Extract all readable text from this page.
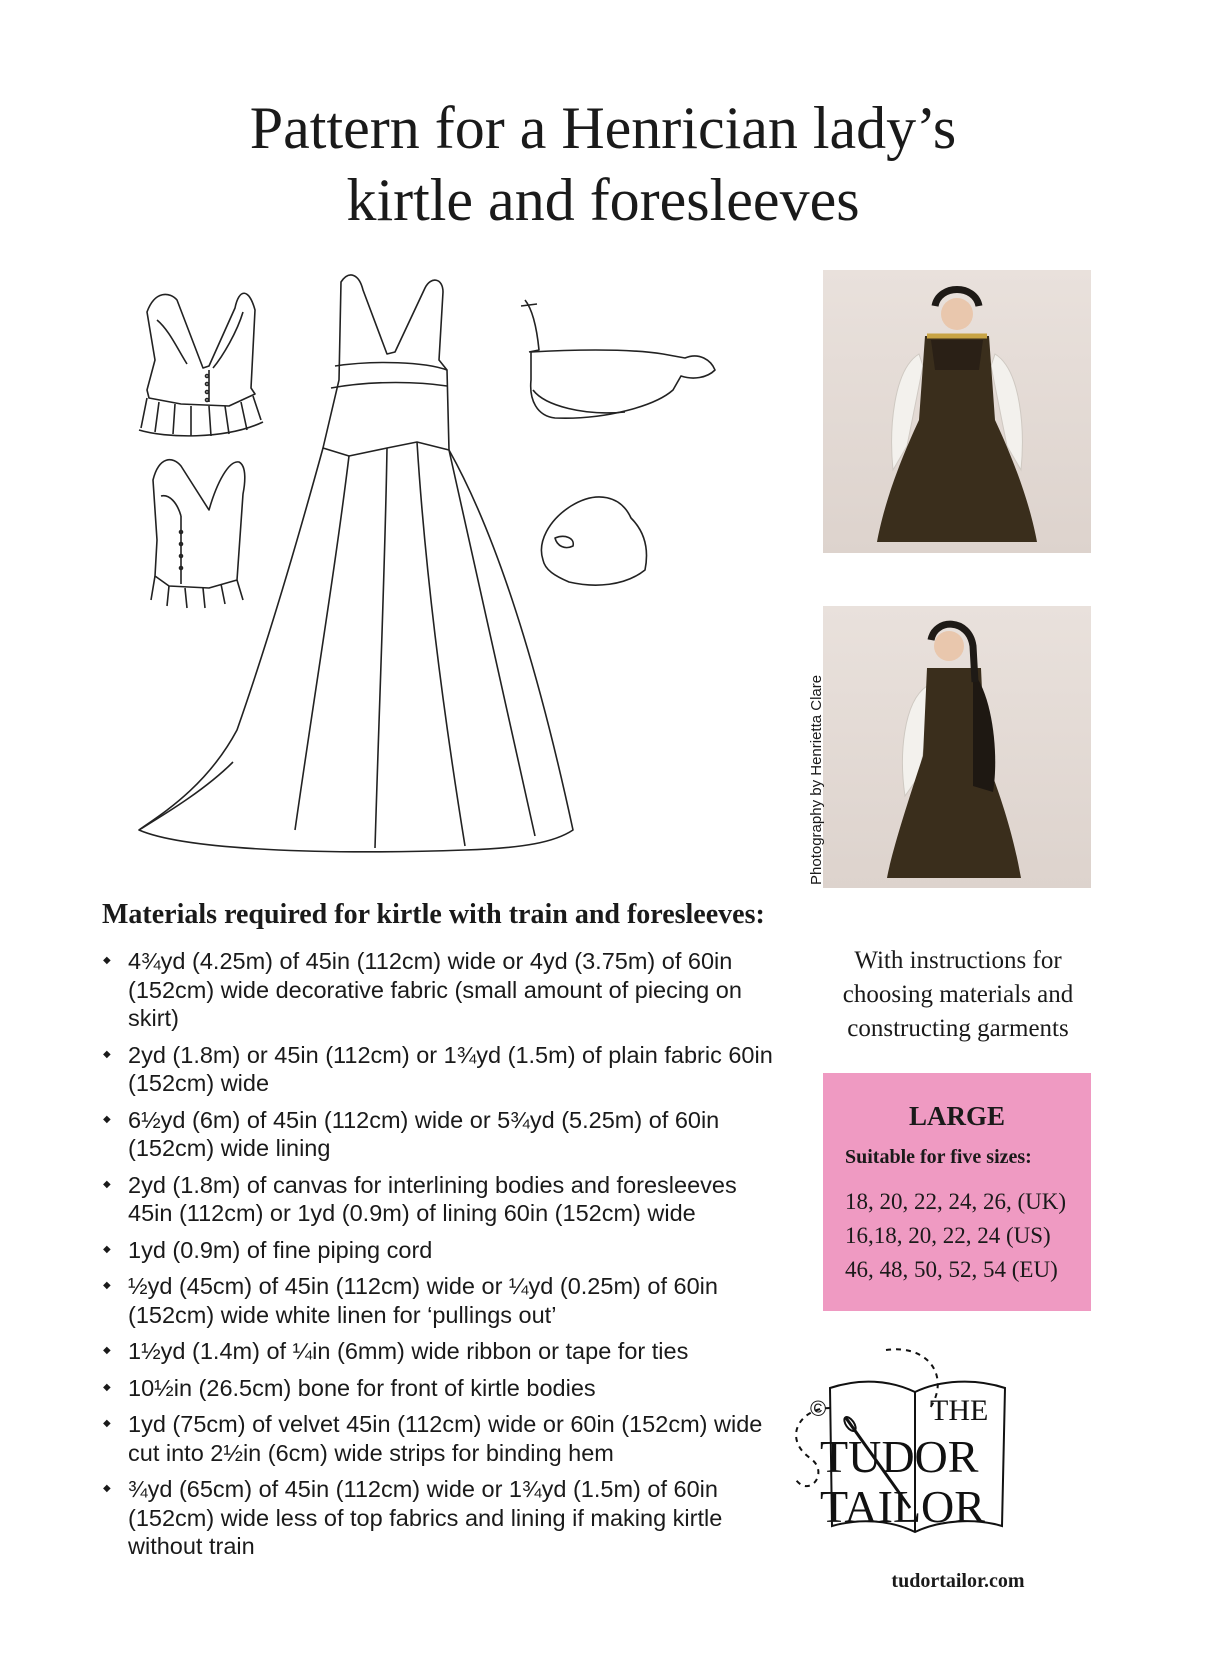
Pattern for a Henrician lady’s
kirtle and foresleeves
Photography by Henrietta Clare
Materials required for kirtle with train and foresleeves:
◆ 4¾yd (4.25m) of 45in (112cm) wide or 4yd (3.75m) of 60in (152cm) wide decorative fabric (small amount of piecing on skirt)
◆ 2yd (1.8m) or 45in (112cm) or 1¾yd (1.5m) of plain fabric 60in (152cm) wide
◆ 6½yd (6m) of 45in (112cm) wide or 5¾yd (5.25m) of 60in (152cm) wide lining
◆ 2yd (1.8m) of canvas for interlining bodies and foresleeves 45in (112cm) or 1yd (0.9m) of lining 60in (152cm) wide
◆ 1yd (0.9m) of fine piping cord
◆ ½yd (45cm) of 45in (112cm) wide or ¼yd (0.25m) of 60in (152cm) wide white linen for ‘pullings out’
◆ 1½yd (1.4m) of ¼in (6mm) wide ribbon or tape for ties
◆ 10½in (26.5cm) bone for front of kirtle bodies
◆ 1yd (75cm) of velvet 45in (112cm) wide or 60in (152cm) wide cut into 2½in (6cm) wide strips for binding hem
◆ ¾yd (65cm) of 45in (112cm) wide or 1¾yd (1.5m) of 60in (152cm) wide less of top fabrics and lining if making kirtle without train

With instructions for
choosing materials and
constructing garments

LARGE

Suitable for five sizes:

18, 20, 22, 24, 26, (UK)
16,18, 20, 22, 24 (US)
46, 48, 50, 52, 54 (EU)

©	THE
TUDOR
TAILOR
tudortailor.com
